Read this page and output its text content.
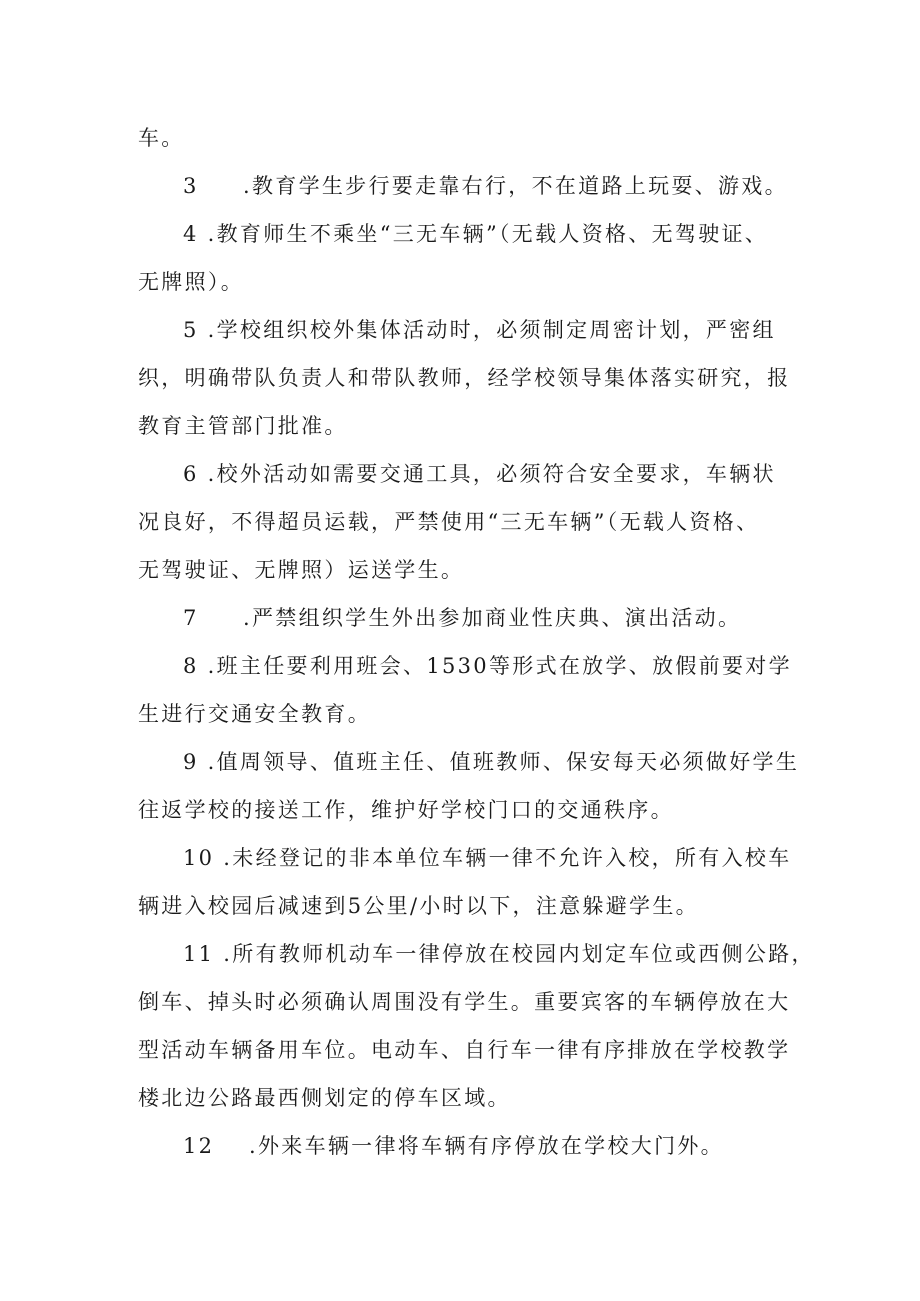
车。
3 .教育学生步行要走靠右行，不在道路上玩耍、游戏。
4 .教育师生不乘坐“三无车辆”（无载人资格、无驾驶证、
无牌照）。
5 .学校组织校外集体活动时，必须制定周密计划，严密组
织，明确带队负责人和带队教师，经学校领导集体落实研究，报
教育主管部门批准。
6 .校外活动如需要交通工具，必须符合安全要求，车辆状
况良好，不得超员运载，严禁使用“三无车辆”（无载人资格、
无驾驶证、无牌照）运送学生。
7 .严禁组织学生外出参加商业性庆典、演出活动。
8 .班主任要利用班会、1530等形式在放学、放假前要对学
生进行交通安全教育。
9 .值周领导、值班主任、值班教师、保安每天必须做好学生
往返学校的接送工作，维护好学校门口的交通秩序。
10 .未经登记的非本单位车辆一律不允许入校，所有入校车
辆进入校园后减速到5公里/小时以下，注意躲避学生。
11 .所有教师机动车一律停放在校园内划定车位或西侧公路，
倒车、掉头时必须确认周围没有学生。重要宾客的车辆停放在大
型活动车辆备用车位。电动车、自行车一律有序排放在学校教学
楼北边公路最西侧划定的停车区域。
12 .外来车辆一律将车辆有序停放在学校大门外。
